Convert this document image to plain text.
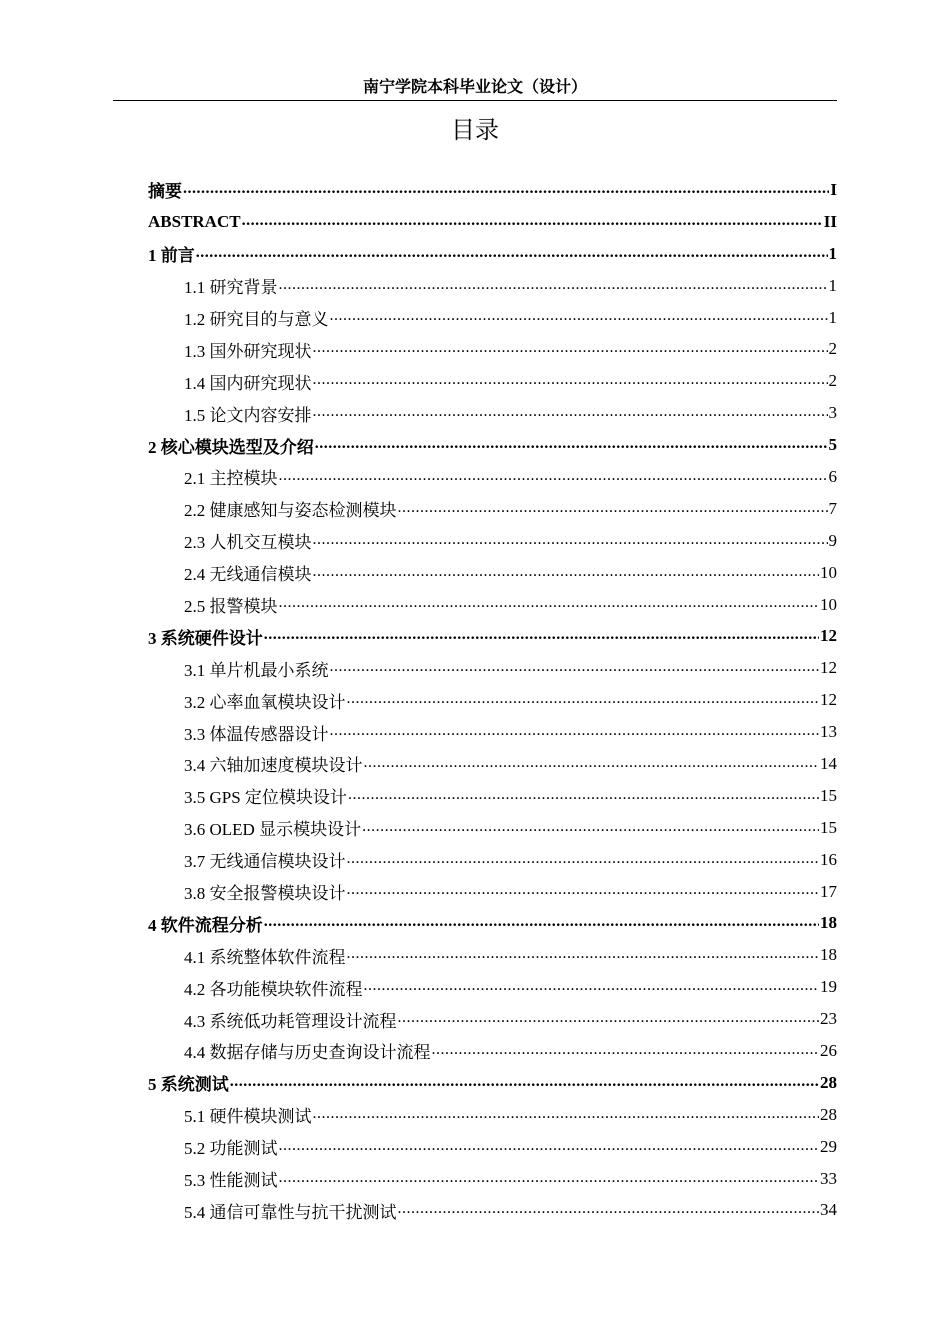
南宁学院本科毕业论文（设计）
目录
摘要 .....	I
ABSTRACT .....	II
1 前言 .....	1
1.1 研究背景 .....	1
1.2 研究目的与意义 .....	1
1.3 国外研究现状 .....	2
1.4 国内研究现状 .....	2
1.5 论文内容安排 .....	3
2 核心模块选型及介绍 .....	5
2.1 主控模块 .....	6
2.2 健康感知与姿态检测模块 .....	7
2.3 人机交互模块 .....	9
2.4 无线通信模块 .....	10
2.5 报警模块 .....	10
3 系统硬件设计 .....	12
3.1 单片机最小系统 .....	12
3.2 心率血氧模块设计 .....	12
3.3 体温传感器设计 .....	13
3.4 六轴加速度模块设计 .....	14
3.5 GPS 定位模块设计 .....	15
3.6 OLED 显示模块设计 .....	15
3.7 无线通信模块设计 .....	16
3.8 安全报警模块设计 .....	17
4 软件流程分析 .....	18
4.1 系统整体软件流程 .....	18
4.2 各功能模块软件流程 .....	19
4.3 系统低功耗管理设计流程 .....	23
4.4 数据存储与历史查询设计流程 .....	26
5 系统测试 .....	28
5.1 硬件模块测试 .....	28
5.2 功能测试 .....	29
5.3 性能测试 .....	33
5.4 通信可靠性与抗干扰测试 .....	34
